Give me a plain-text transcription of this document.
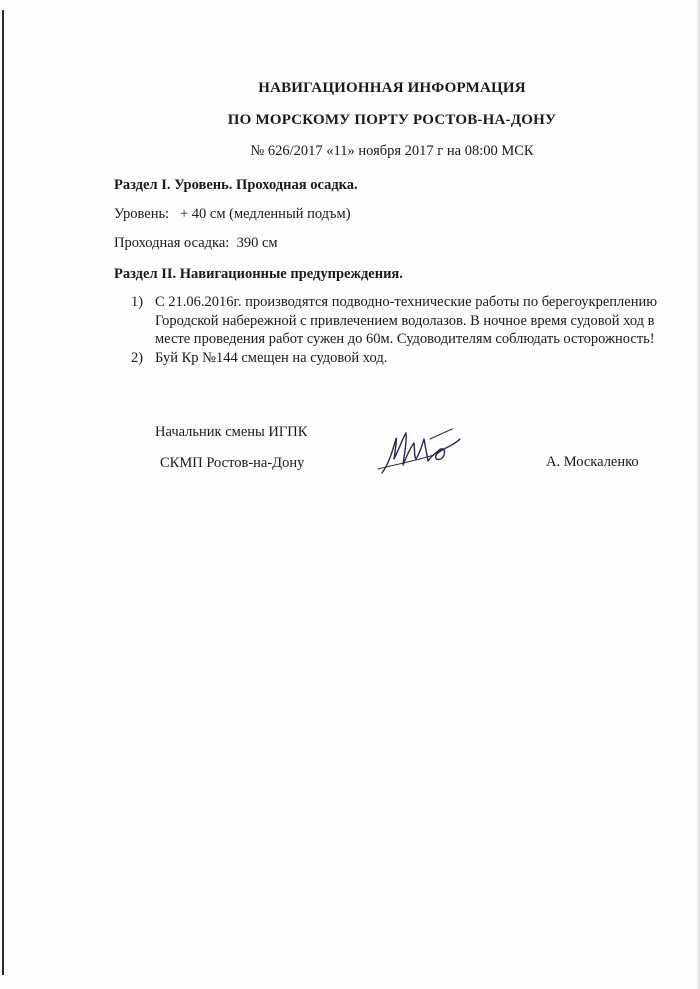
НАВИГАЦИОННАЯ ИНФОРМАЦИЯ
ПО МОРСКОМУ ПОРТУ РОСТОВ-НА-ДОНУ
№ 626/2017 «11» ноября 2017 г на 08:00 МСК
Раздел I. Уровень. Проходная осадка.
Уровень:   + 40 см (медленный подъм)
Проходная осадка:  390 см
Раздел II. Навигационные предупреждения.
1) С 21.06.2016г. производятся подводно-технические работы по берегоукреплению Городской набережной с привлечением водолазов. В ночное время судовой ход в месте проведения работ сужен до 60м. Судоводителям соблюдать осторожность!
2) Буй Кр №144 смещен на судовой ход.
Начальник смены ИГПК
СКМП Ростов-на-Дону	А. Москаленко
